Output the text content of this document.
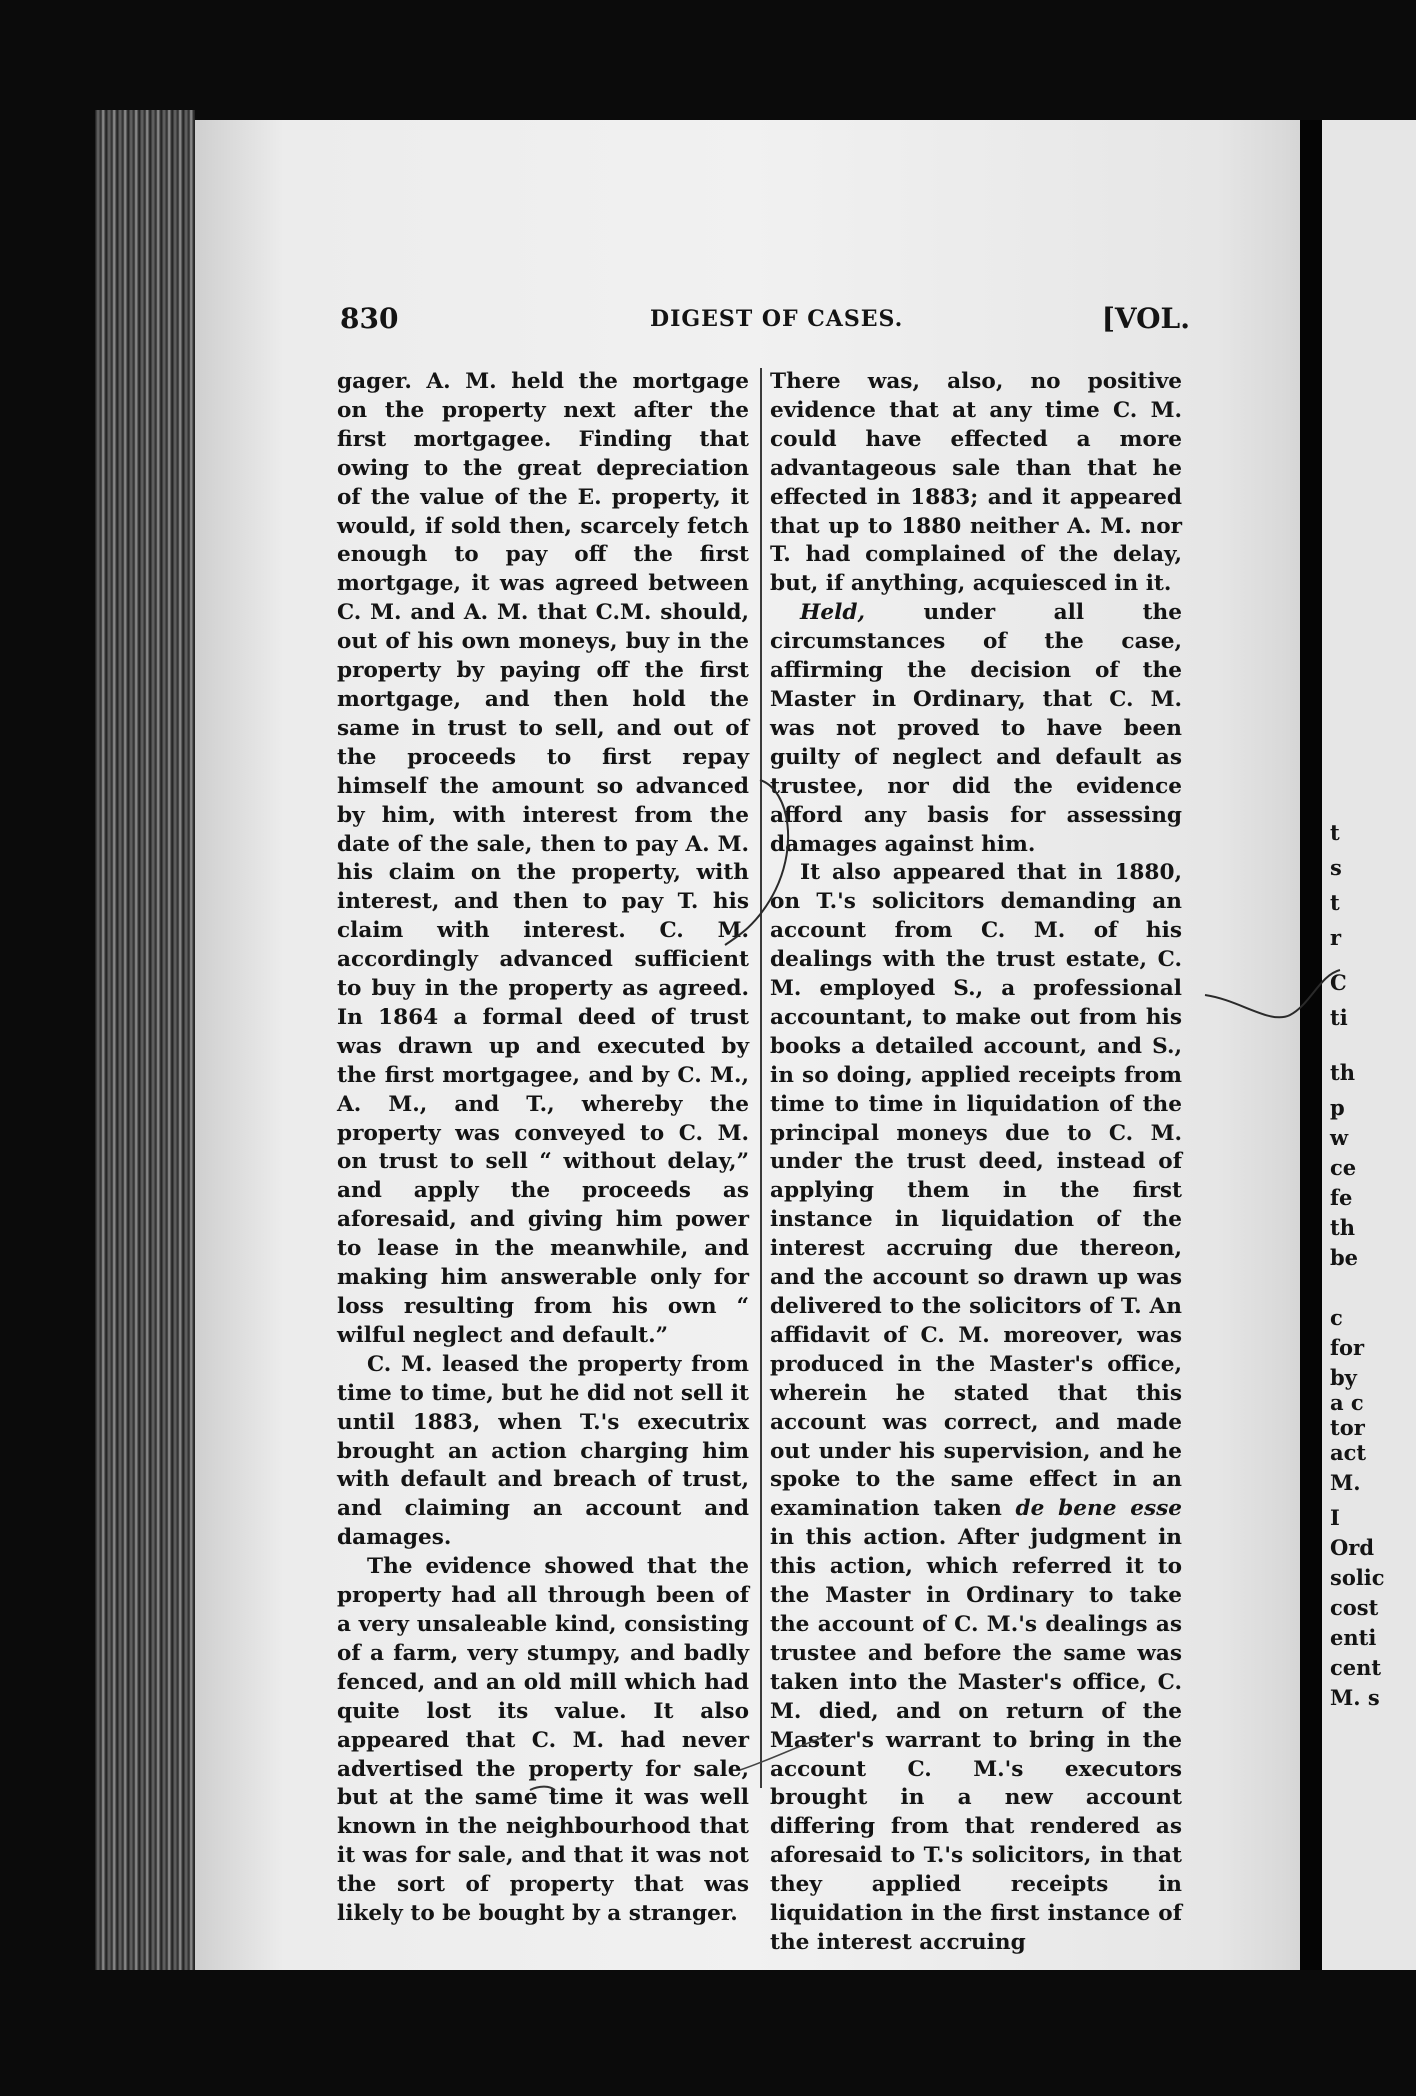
t
s
t
r
C
ti
th
p
w
ce
fe
th
be
c
for
by
a c
tor
act
M.
I
Ord
solic
cost
enti
cent
M. s
830	DIGEST OF CASES.	[VOL.

gager. A. M. held the mortgage on the property next after the first mortgagee. Finding that owing to the great depreciation of the value of the E. property, it would, if sold then, scarcely fetch enough to pay off the first mortgage, it was agreed between C. M. and A. M. that C.M. should, out of his own moneys, buy in the property by paying off the first mortgage, and then hold the same in trust to sell, and out of the proceeds to first repay himself the amount so advanced by him, with interest from the date of the sale, then to pay A. M. his claim on the property, with interest, and then to pay T. his claim with interest. C. M. accordingly advanced sufficient to buy in the property as agreed. In 1864 a formal deed of trust was drawn up and executed by the first mortgagee, and by C. M., A. M., and T., whereby the property was conveyed to C. M. on trust to sell “ without delay,” and apply the proceeds as aforesaid, and giving him power to lease in the meanwhile, and making him answerable only for loss resulting from his own “ wilful neglect and default.”

C. M. leased the property from time to time, but he did not sell it until 1883, when T.'s executrix brought an action charging him with default and breach of trust, and claiming an account and damages.

The evidence showed that the property had all through been of a very unsaleable kind, consisting of a farm, very stumpy, and badly fenced, and an old mill which had quite lost its value. It also appeared that C. M. had never advertised the property for sale, but at the same time it was well known in the neighbourhood that it was for sale, and that it was not the sort of property that was likely to be bought by a stranger.

There was, also, no positive evidence that at any time C. M. could have effected a more advantageous sale than that he effected in 1883; and it appeared that up to 1880 neither A. M. nor T. had complained of the delay, but, if anything, acquiesced in it.

Held, under all the circumstances of the case, affirming the decision of the Master in Ordinary, that C. M. was not proved to have been guilty of neglect and default as trustee, nor did the evidence afford any basis for assessing damages against him.

It also appeared that in 1880, on T.'s solicitors demanding an account from C. M. of his dealings with the trust estate, C. M. employed S., a professional accountant, to make out from his books a detailed account, and S., in so doing, applied receipts from time to time in liquidation of the principal moneys due to C. M. under the trust deed, instead of applying them in the first instance in liquidation of the interest accruing due thereon, and the account so drawn up was delivered to the solicitors of T. An affidavit of C. M. moreover, was produced in the Master's office, wherein he stated that this account was correct, and made out under his supervision, and he spoke to the same effect in an examination taken de bene esse in this action. After judgment in this action, which referred it to the Master in Ordinary to take the account of C. M.'s dealings as trustee and before the same was taken into the Master's office, C. M. died, and on return of the Master's warrant to bring in the account C. M.'s executors brought in a new account differing from that rendered as aforesaid to T.'s solicitors, in that they applied receipts in liquidation in the first instance of the interest accruing
